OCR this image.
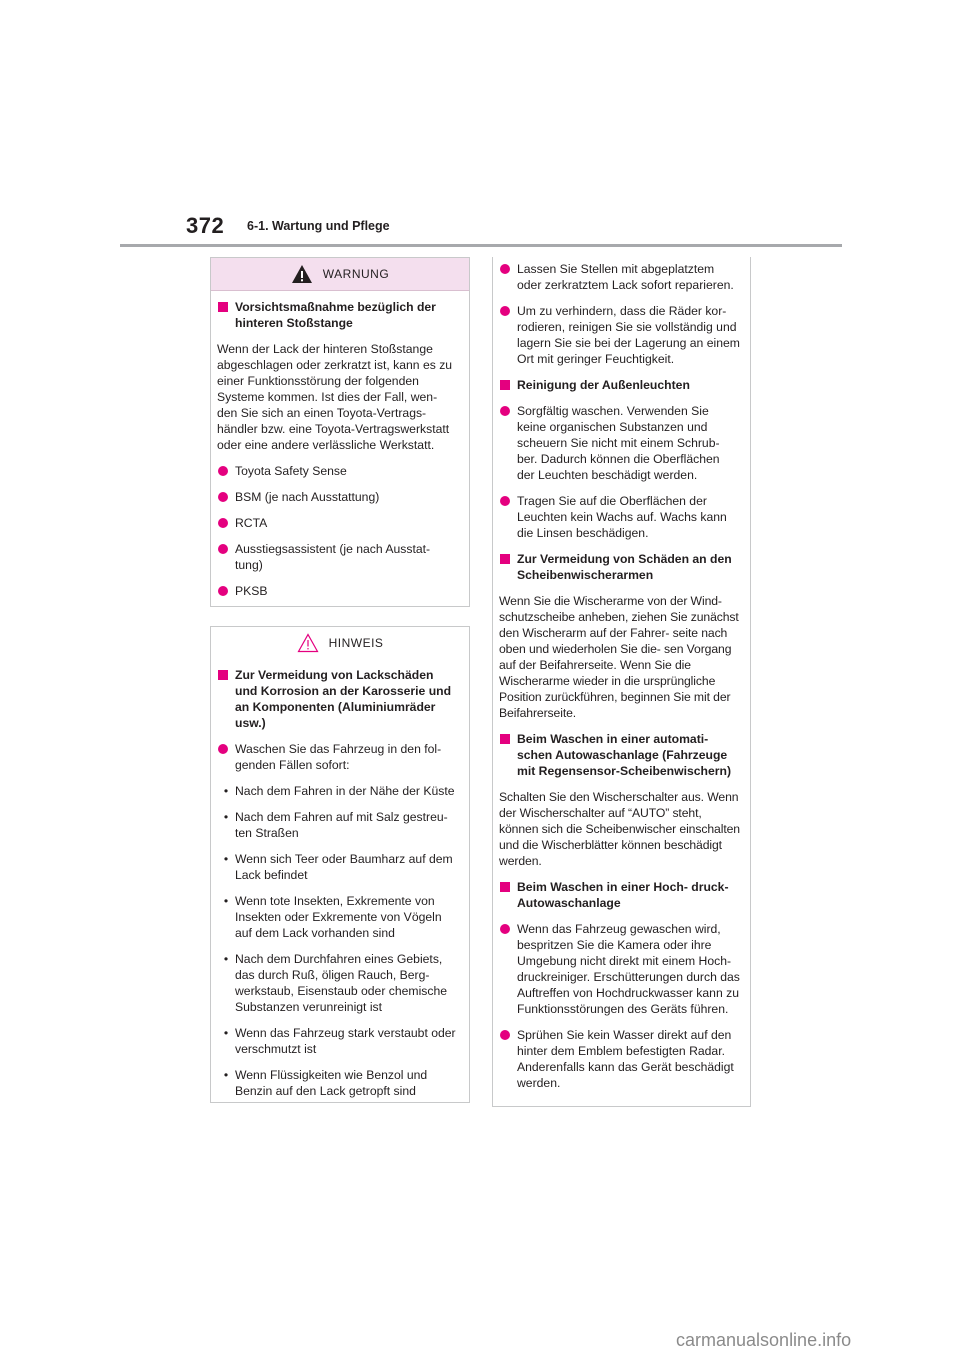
372 6-1. Wartung und Pflege
WARNUNG
Vorsichtsmaßnahme bezüglich der hinteren Stoßstange
Wenn der Lack der hinteren Stoßstange abgeschlagen oder zerkratzt ist, kann es zu einer Funktionsstörung der folgenden Systeme kommen. Ist dies der Fall, wen- den Sie sich an einen Toyota-Vertrags- händler bzw. eine Toyota-Vertragswerkstatt oder eine andere verlässliche Werkstatt.
Toyota Safety Sense
BSM (je nach Ausstattung)
RCTA
Ausstiegsassistent (je nach Ausstat- tung)
PKSB
HINWEIS
Zur Vermeidung von Lackschäden und Korrosion an der Karosserie und an Komponenten (Aluminiumräder usw.)
Waschen Sie das Fahrzeug in den fol- genden Fällen sofort:
• Nach dem Fahren in der Nähe der Küste
• Nach dem Fahren auf mit Salz gestreu- ten Straßen
• Wenn sich Teer oder Baumharz auf dem Lack befindet
• Wenn tote Insekten, Exkremente von Insekten oder Exkremente von Vögeln auf dem Lack vorhanden sind
• Nach dem Durchfahren eines Gebiets, das durch Ruß, öligen Rauch, Berg- werkstaub, Eisenstaub oder chemische Substanzen verunreinigt ist
• Wenn das Fahrzeug stark verstaubt oder verschmutzt ist
• Wenn Flüssigkeiten wie Benzol und Benzin auf den Lack getropft sind
Lassen Sie Stellen mit abgeplatztem oder zerkratztem Lack sofort reparieren.
Um zu verhindern, dass die Räder kor- rodieren, reinigen Sie sie vollständig und lagern Sie sie bei der Lagerung an einem Ort mit geringer Feuchtigkeit.
Reinigung der Außenleuchten
Sorgfältig waschen. Verwenden Sie keine organischen Substanzen und scheuern Sie nicht mit einem Schrub- ber. Dadurch können die Oberflächen der Leuchten beschädigt werden.
Tragen Sie auf die Oberflächen der Leuchten kein Wachs auf. Wachs kann die Linsen beschädigen.
Zur Vermeidung von Schäden an den Scheibenwischerarmen
Wenn Sie die Wischerarme von der Wind- schutzscheibe anheben, ziehen Sie zunächst den Wischerarm auf der Fahrer- seite nach oben und wiederholen Sie die- sen Vorgang auf der Beifahrerseite. Wenn Sie die Wischerarme wieder in die ursprüngliche Position zurückführen, beginnen Sie mit der Beifahrerseite.
Beim Waschen in einer automati- schen Autowaschanlage (Fahrzeuge mit Regensensor-Scheibenwischern)
Schalten Sie den Wischerschalter aus. Wenn der Wischerschalter auf “AUTO” steht, können sich die Scheibenwischer einschalten und die Wischerblätter können beschädigt werden.
Beim Waschen in einer Hoch- druck-Autowaschanlage
Wenn das Fahrzeug gewaschen wird, bespritzen Sie die Kamera oder ihre Umgebung nicht direkt mit einem Hoch- druckreiniger. Erschütterungen durch das Auftreffen von Hochdruckwasser kann zu Funktionsstörungen des Geräts führen.
Sprühen Sie kein Wasser direkt auf den hinter dem Emblem befestigten Radar. Anderenfalls kann das Gerät beschädigt werden.
carmanualsonline.info
